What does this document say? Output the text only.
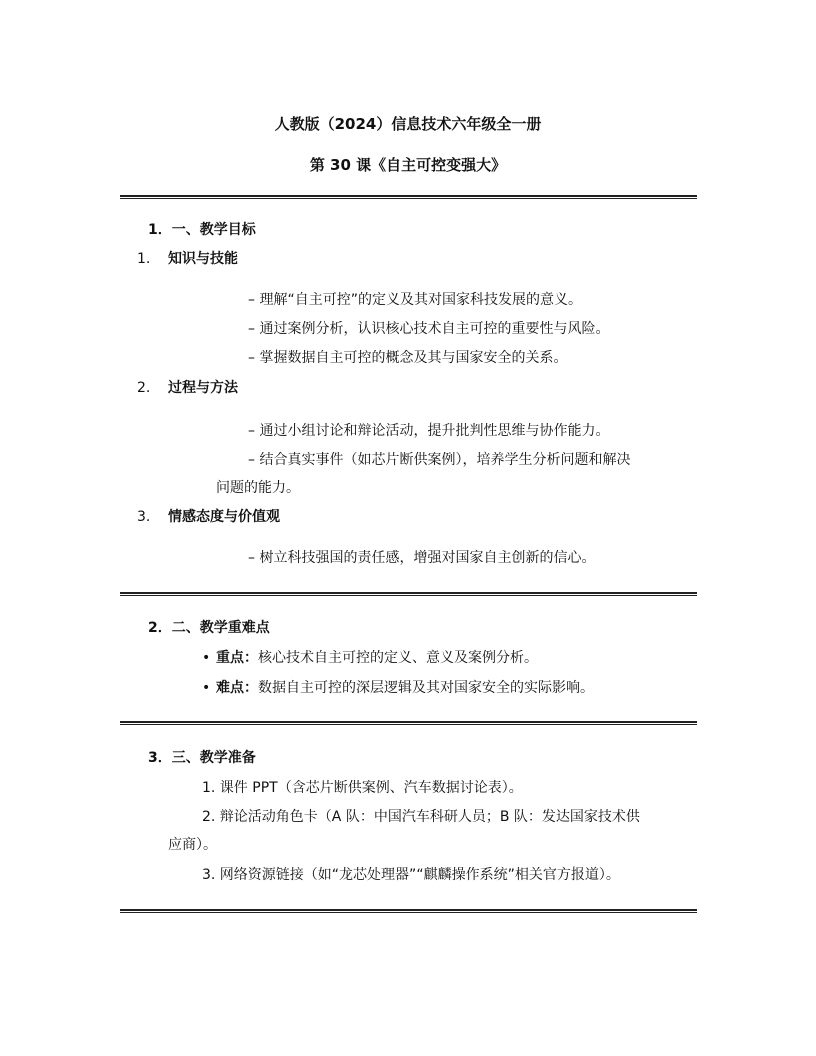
人教版（2024）信息技术六年级全一册
第 30 课《自主可控变强大》
1．一、教学目标
1. 知识与技能
– 理解“自主可控”的定义及其对国家科技发展的意义。
– 通过案例分析，认识核心技术自主可控的重要性与风险。
– 掌握数据自主可控的概念及其与国家安全的关系。
2. 过程与方法
– 通过小组讨论和辩论活动，提升批判性思维与协作能力。
– 结合真实事件（如芯片断供案例），培养学生分析问题和解决
问题的能力。
3. 情感态度与价值观
– 树立科技强国的责任感，增强对国家自主创新的信心。
2．二、教学重难点
• 重点：核心技术自主可控的定义、意义及案例分析。
• 难点：数据自主可控的深层逻辑及其对国家安全的实际影响。
3．三、教学准备
1. 课件 PPT（含芯片断供案例、汽车数据讨论表）。
2. 辩论活动角色卡（A 队：中国汽车科研人员；B 队：发达国家技术供
应商）。
3. 网络资源链接（如“龙芯处理器”“麒麟操作系统”相关官方报道）。
